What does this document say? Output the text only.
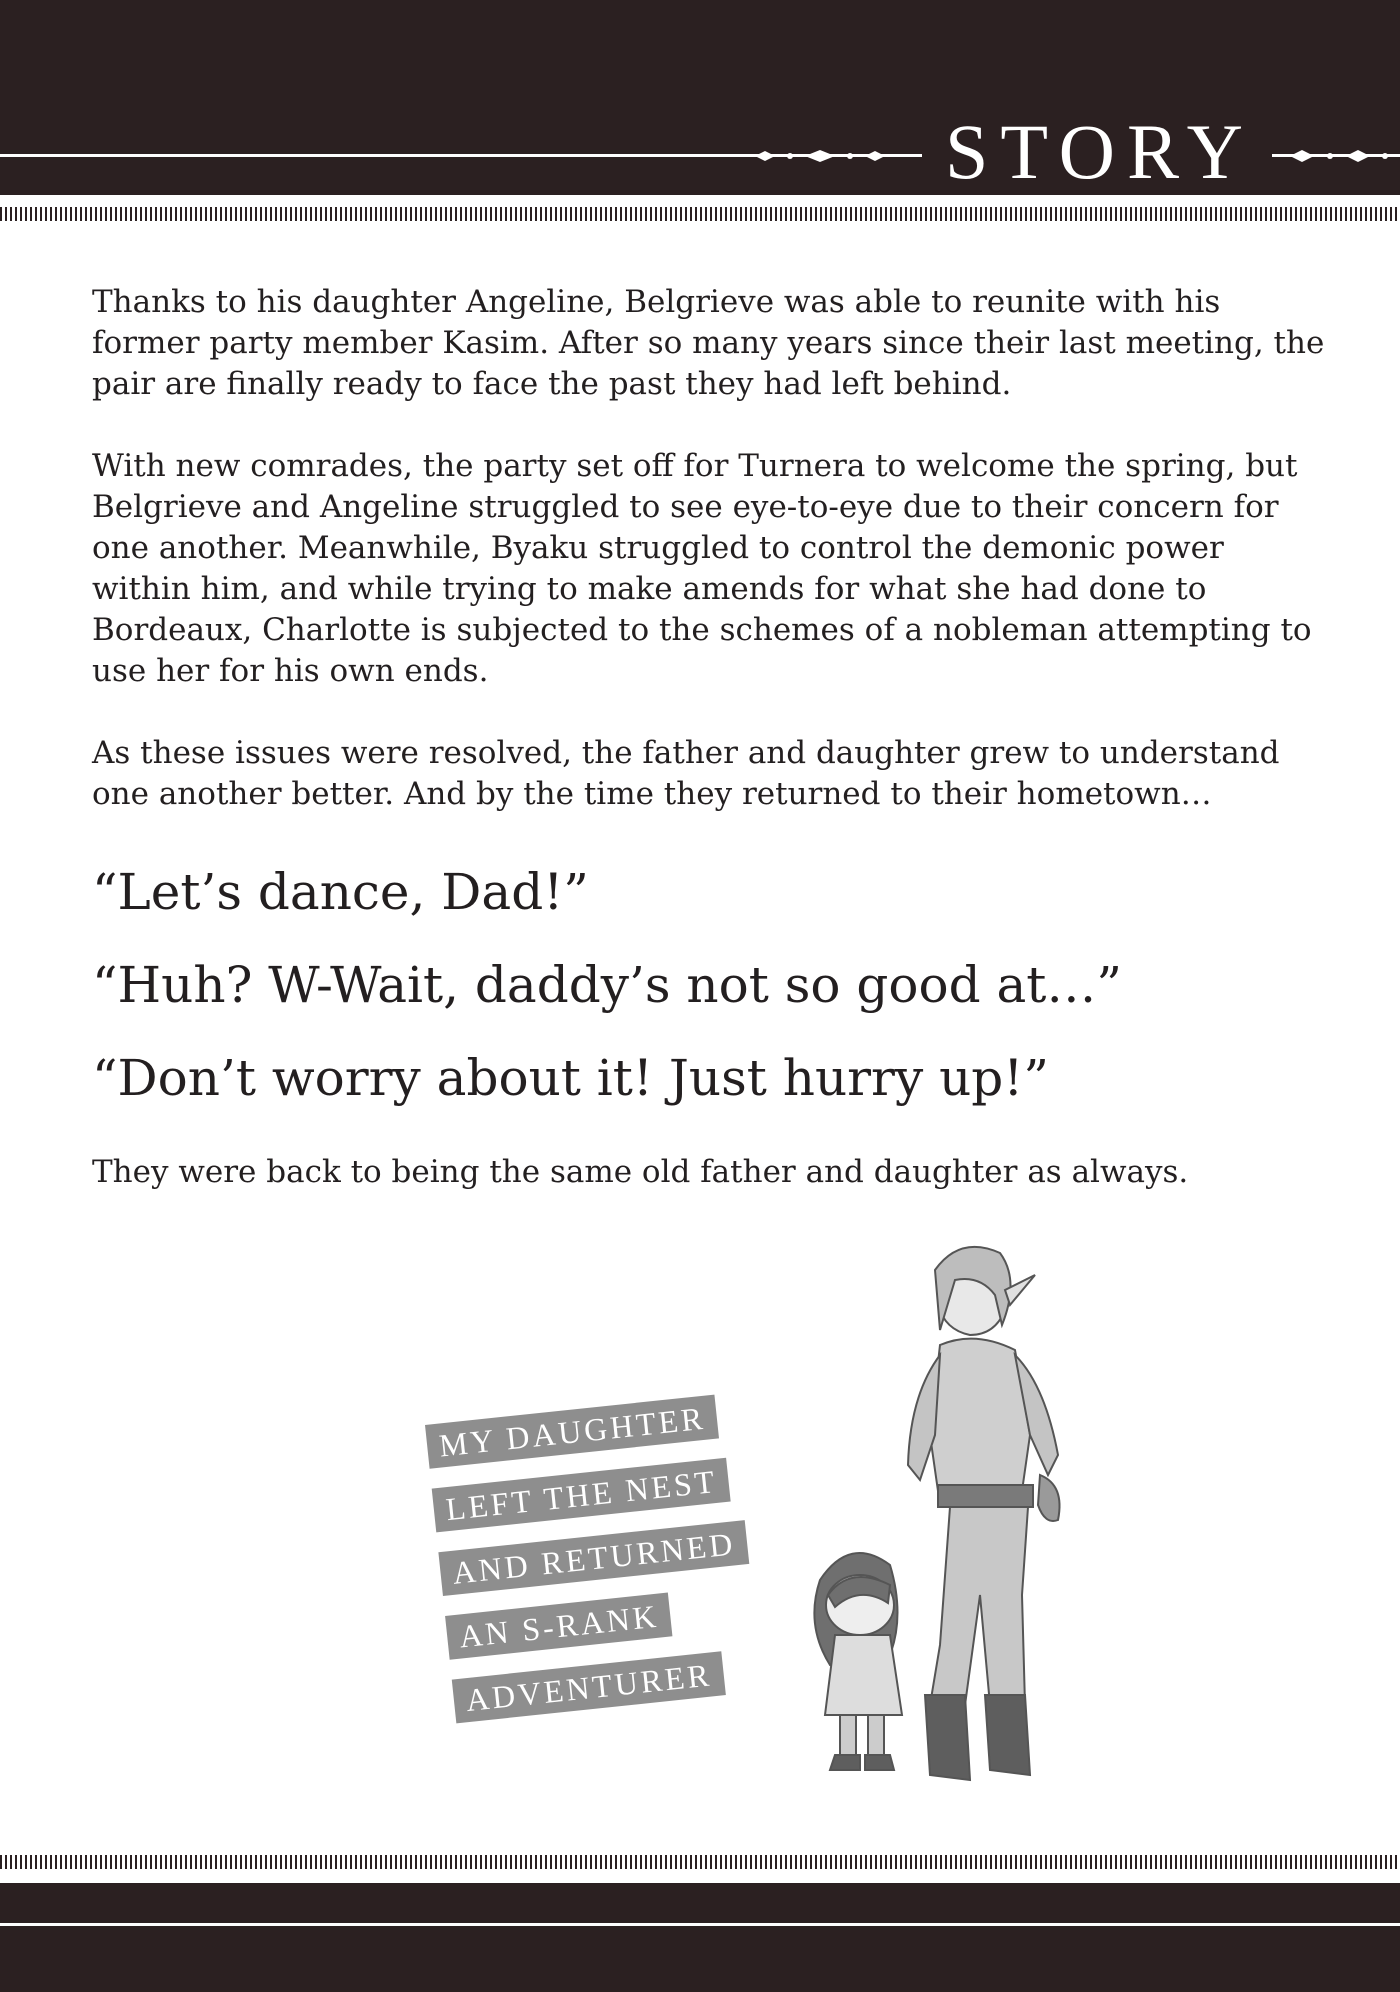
STORY

Thanks to his daughter Angeline, Belgrieve was able to reunite with his former party member Kasim. After so many years since their last meeting, the pair are finally ready to face the past they had left behind.

With new comrades, the party set off for Turnera to welcome the spring, but Belgrieve and Angeline struggled to see eye-to-eye due to their concern for one another. Meanwhile, Byaku struggled to control the demonic power within him, and while trying to make amends for what she had done to Bordeaux, Charlotte is subjected to the schemes of a nobleman attempting to use her for his own ends.

As these issues were resolved, the father and daughter grew to understand one another better. And by the time they returned to their hometown…

“Let’s dance, Dad!”

“Huh? W-Wait, daddy’s not so good at…”

“Don’t worry about it! Just hurry up!”

They were back to being the same old father and daughter as always.

MY DAUGHTER
LEFT THE NEST
AND RETURNED
AN S-RANK
ADVENTURER
